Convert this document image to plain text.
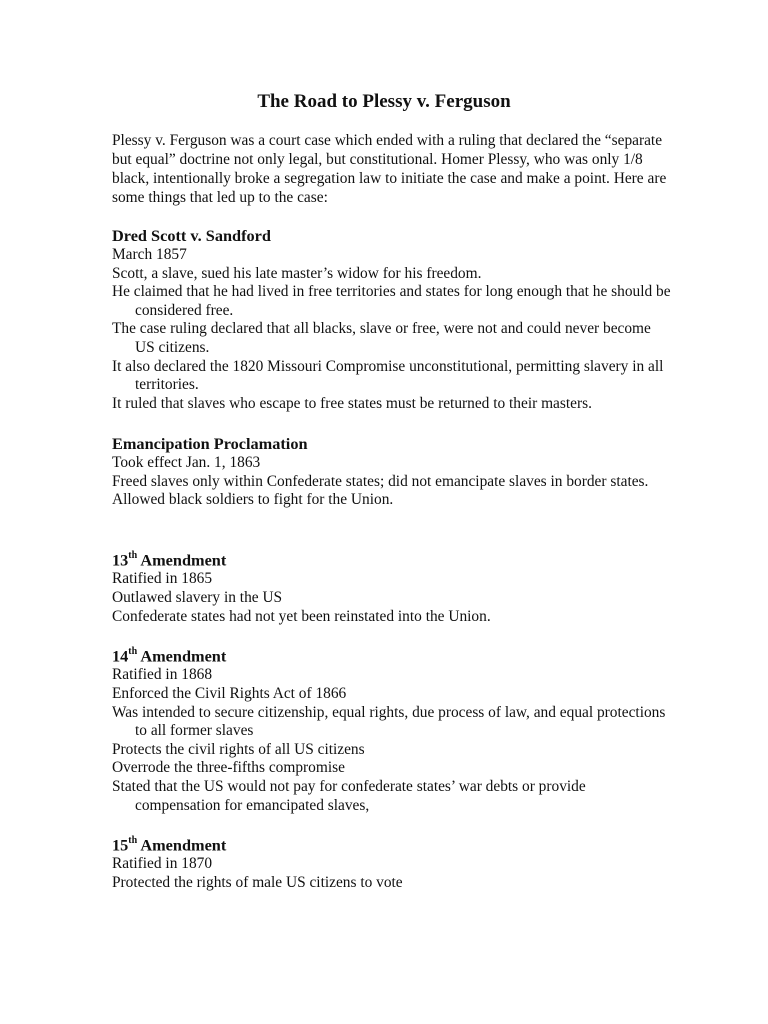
The Road to Plessy v. Ferguson

Plessy v. Ferguson was a court case which ended with a ruling that declared the “separate but equal” doctrine not only legal, but constitutional. Homer Plessy, who was only 1/8 black, intentionally broke a segregation law to initiate the case and make a point. Here are some things that led up to the case:

Dred Scott v. Sandford
March 1857
Scott, a slave, sued his late master’s widow for his freedom.
He claimed that he had lived in free territories and states for long enough that he should be considered free.
The case ruling declared that all blacks, slave or free, were not and could never become US citizens.
It also declared the 1820 Missouri Compromise unconstitutional, permitting slavery in all territories.
It ruled that slaves who escape to free states must be returned to their masters.
Emancipation Proclamation
Took effect Jan. 1, 1863
Freed slaves only within Confederate states; did not emancipate slaves in border states.
Allowed black soldiers to fight for the Union.
13th Amendment
Ratified in 1865
Outlawed slavery in the US
Confederate states had not yet been reinstated into the Union.
14th Amendment
Ratified in 1868
Enforced the Civil Rights Act of 1866
Was intended to secure citizenship, equal rights, due process of law, and equal protections to all former slaves
Protects the civil rights of all US citizens
Overrode the three-fifths compromise
Stated that the US would not pay for confederate states’ war debts or provide compensation for emancipated slaves,
15th Amendment
Ratified in 1870
Protected the rights of male US citizens to vote
